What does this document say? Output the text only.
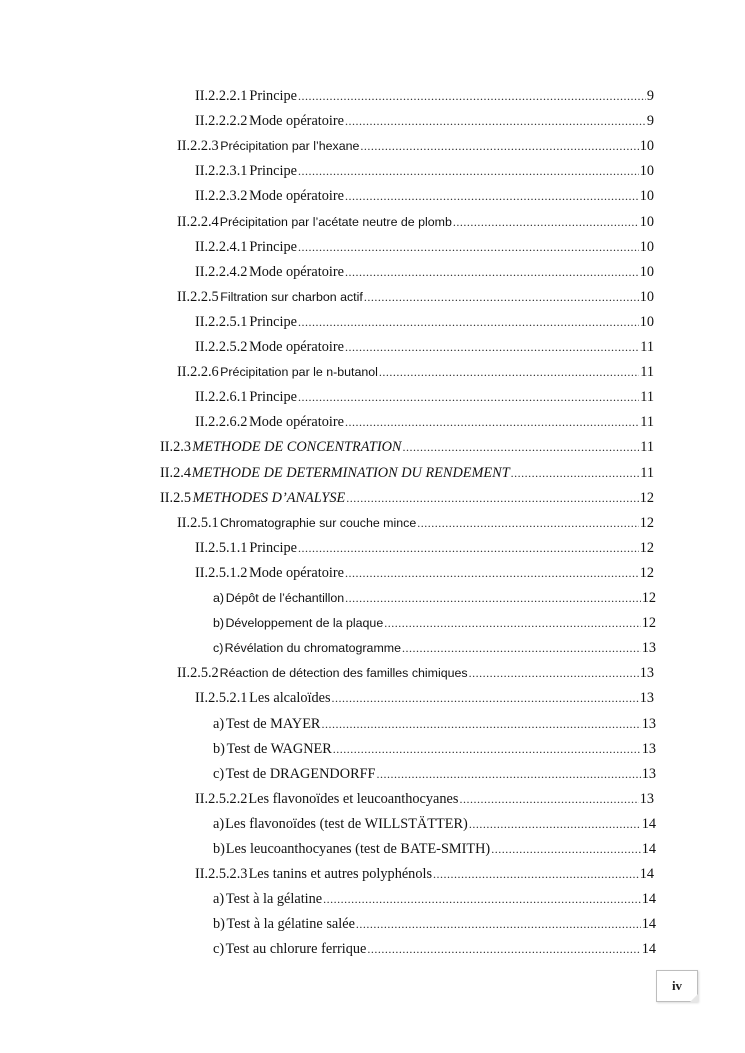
II.2.2.2.1 Principe .....	9
II.2.2.2.2 Mode opératoire .....	9
II.2.2.3 Précipitation par l’hexane .....	10
II.2.2.3.1 Principe .....	10
II.2.2.3.2 Mode opératoire .....	10
II.2.2.4 Précipitation par l’acétate neutre de plomb .....	10
II.2.2.4.1 Principe .....	10
II.2.2.4.2 Mode opératoire .....	10
II.2.2.5 Filtration sur charbon actif .....	10
II.2.2.5.1 Principe .....	10
II.2.2.5.2 Mode opératoire .....	11
II.2.2.6 Précipitation par le n-butanol .....	11
II.2.2.6.1 Principe .....	11
II.2.2.6.2 Mode opératoire .....	11
II.2.3 METHODE DE CONCENTRATION .....	11
II.2.4 METHODE DE DETERMINATION DU RENDEMENT .....	11
II.2.5 METHODES D’ANALYSE .....	12
II.2.5.1 Chromatographie sur couche mince .....	12
II.2.5.1.1 Principe .....	12
II.2.5.1.2 Mode opératoire .....	12
a) Dépôt de l’échantillon .....	12
b) Développement de la plaque .....	12
c) Révélation du chromatogramme .....	13
II.2.5.2 Réaction de détection des familles chimiques .....	13
II.2.5.2.1 Les alcaloïdes .....	13
a) Test de MAYER .....	13
b) Test de WAGNER .....	13
c) Test de DRAGENDORFF .....	13
II.2.5.2.2 Les flavonoïdes et leucoanthocyanes .....	13
a) Les flavonoïdes (test de WILLSTÄTTER) .....	14
b) Les leucoanthocyanes (test de BATE-SMITH) .....	14
II.2.5.2.3 Les tanins et autres polyphénols .....	14
a) Test à la gélatine .....	14
b) Test à la gélatine salée .....	14
c) Test au chlorure ferrique .....	14
iv
